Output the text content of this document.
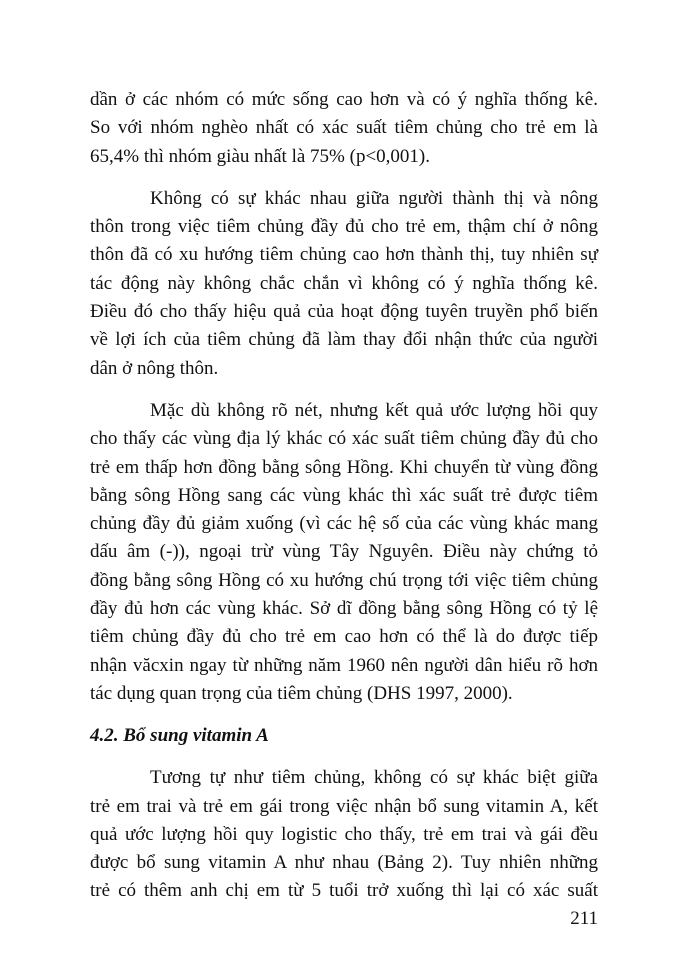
dần ở các nhóm có mức sống cao hơn và có ý nghĩa thống kê.
So với nhóm nghèo nhất có xác suất tiêm chủng cho trẻ em là
65,4% thì nhóm giàu nhất là 75% (p<0,001).

Không có sự khác nhau giữa người thành thị và nông
thôn trong việc tiêm chủng đầy đủ cho trẻ em, thậm chí ở nông
thôn đã có xu hướng tiêm chủng cao hơn thành thị, tuy nhiên sự
tác động này không chắc chắn vì không có ý nghĩa thống kê.
Điều đó cho thấy hiệu quả của hoạt động tuyên truyền phổ biến
về lợi ích của tiêm chủng đã làm thay đổi nhận thức của người
dân ở nông thôn.

Mặc dù không rõ nét, nhưng kết quả ước lượng hồi quy
cho thấy các vùng địa lý khác có xác suất tiêm chủng đầy đủ cho
trẻ em thấp hơn đồng bằng sông Hồng. Khi chuyển từ vùng đồng
bằng sông Hồng sang các vùng khác thì xác suất trẻ được tiêm
chủng đầy đủ giảm xuống (vì các hệ số của các vùng khác mang
dấu âm (-)), ngoại trừ vùng Tây Nguyên. Điều này chứng tỏ
đồng bằng sông Hồng có xu hướng chú trọng tới việc tiêm chủng
đầy đủ hơn các vùng khác. Sở dĩ đồng bằng sông Hồng có tỷ lệ
tiêm chủng đầy đủ cho trẻ em cao hơn có thể là do được tiếp
nhận văcxin ngay từ những năm 1960 nên người dân hiểu rõ hơn
tác dụng quan trọng của tiêm chủng (DHS 1997, 2000).

4.2. Bổ sung vitamin A

Tương tự như tiêm chủng, không có sự khác biệt giữa
trẻ em trai và trẻ em gái trong việc nhận bổ sung vitamin A, kết
quả ước lượng hồi quy logistic cho thấy, trẻ em trai và gái đều
được bổ sung vitamin A như nhau (Bảng 2). Tuy nhiên những
trẻ có thêm anh chị em từ 5 tuổi trở xuống thì lại có xác suất

211
